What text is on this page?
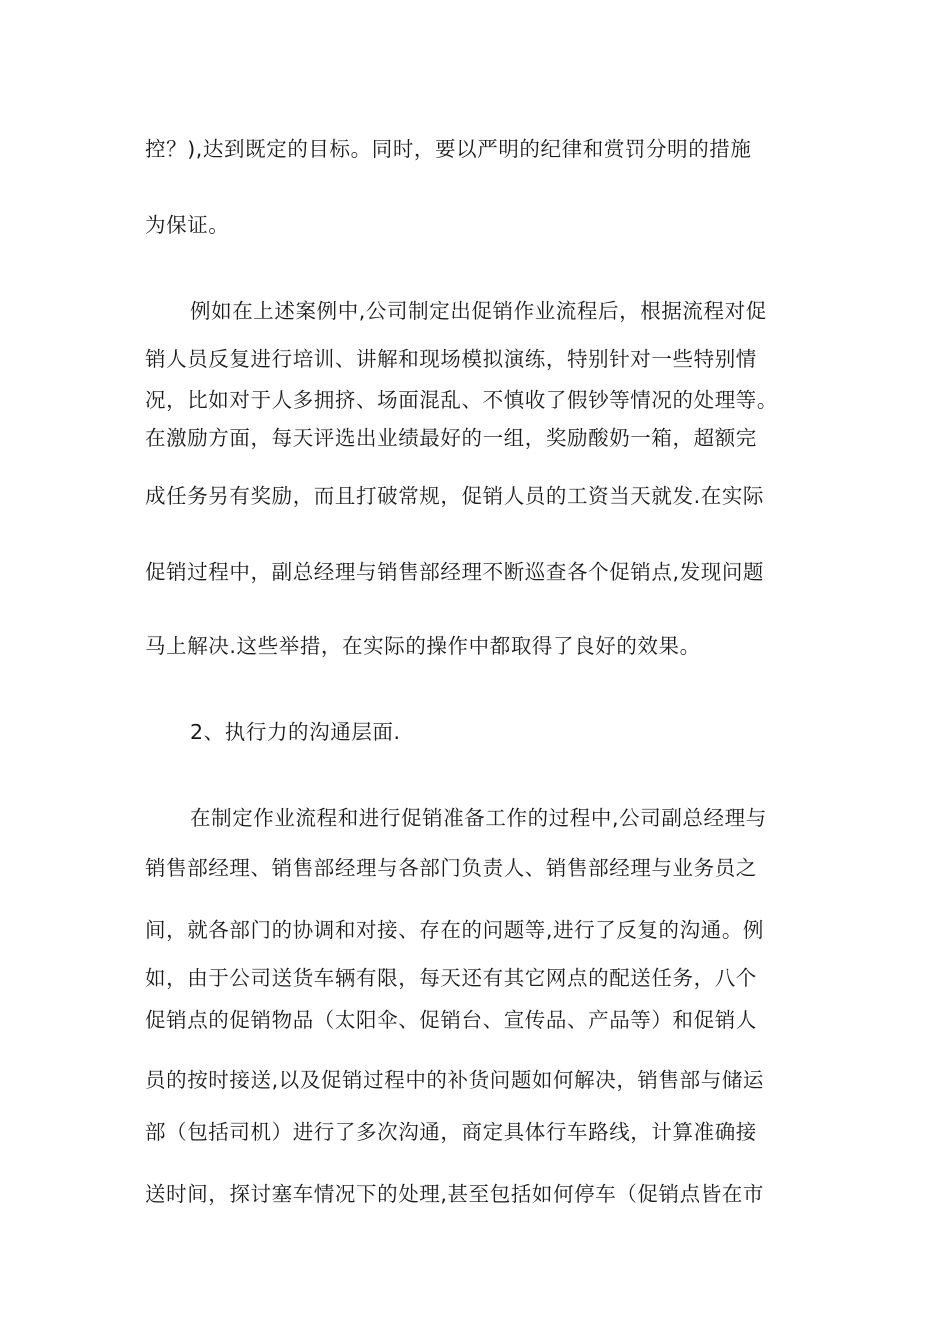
控？),达到既定的目标。同时，要以严明的纪律和赏罚分明的措施
为保证。
例如在上述案例中,公司制定出促销作业流程后，根据流程对促
销人员反复进行培训、讲解和现场模拟演练，特别针对一些特别情
况，比如对于人多拥挤、场面混乱、不慎收了假钞等情况的处理等。
在激励方面，每天评选出业绩最好的一组，奖励酸奶一箱，超额完
成任务另有奖励，而且打破常规，促销人员的工资当天就发.在实际
促销过程中，副总经理与销售部经理不断巡查各个促销点,发现问题
马上解决.这些举措，在实际的操作中都取得了良好的效果。
2、执行力的沟通层面.
在制定作业流程和进行促销准备工作的过程中,公司副总经理与
销售部经理、销售部经理与各部门负责人、销售部经理与业务员之
间，就各部门的协调和对接、存在的问题等,进行了反复的沟通。例
如，由于公司送货车辆有限，每天还有其它网点的配送任务，八个
促销点的促销物品（太阳伞、促销台、宣传品、产品等）和促销人
员的按时接送,以及促销过程中的补货问题如何解决，销售部与储运
部（包括司机）进行了多次沟通，商定具体行车路线，计算准确接
送时间，探讨塞车情况下的处理,甚至包括如何停车（促销点皆在市
